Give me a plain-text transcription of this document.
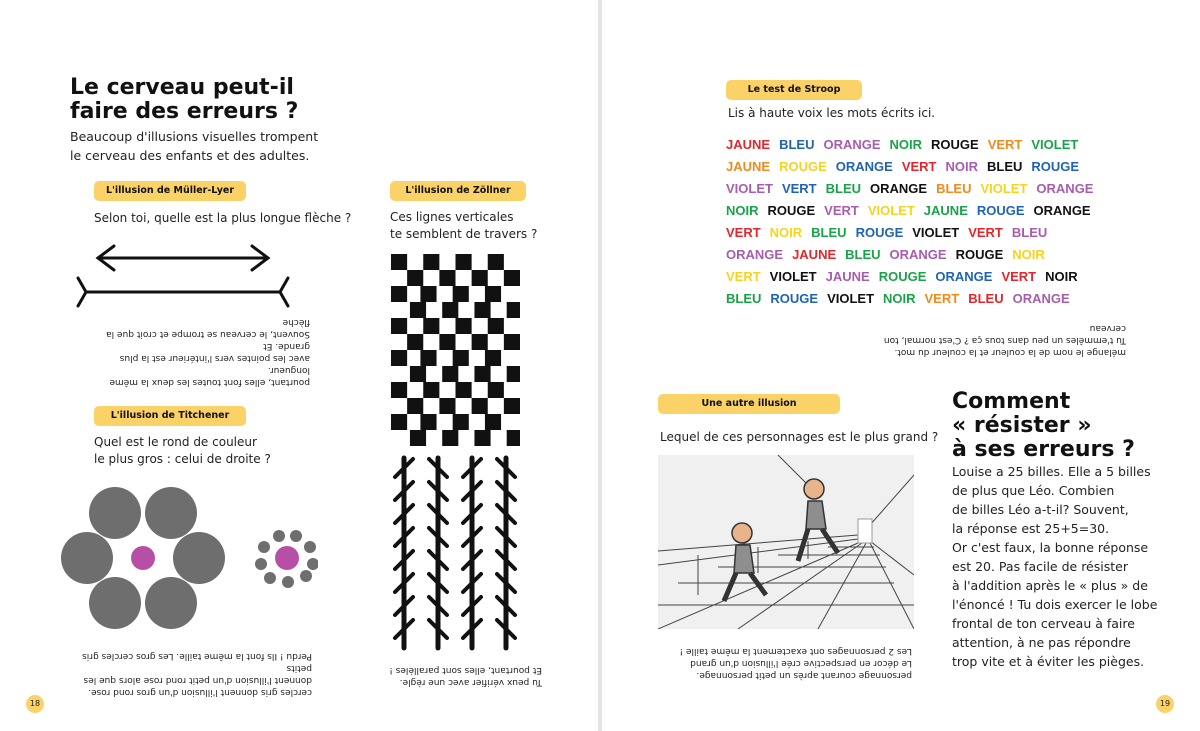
Le cerveau peut-il
faire des erreurs ?
Beaucoup d'illusions visuelles trompent
le cerveau des enfants et des adultes.
L'illusion de Müller-Lyer
Selon toi, quelle est la plus longue flèche ?
pourtant, elles font toutes les deux la même longueur.
avec les pointes vers l'intérieur est la plus grande. Et
Souvent, le cerveau se trompe et croit que la flèche
L'illusion de Titchener
Quel est le rond de couleur
le plus gros : celui de droite ?
cercles gris donnent l'illusion d'un gros rond rose.
donnent l'illusion d'un petit rond rose alors que les petits
Perdu ! Ils font la même taille. Les gros cercles gris
L'illusion de Zöllner
Ces lignes verticales
te semblent de travers ?
Tu peux vérifier avec une règle.
Et pourtant, elles sont parallèles !
18
Le test de Stroop
Lis à haute voix les mots écrits ici.
JAUNE BLEU ORANGE NOIR ROUGE VERT VIOLET
JAUNE ROUGE ORANGE VERT NOIR BLEU ROUGE
VIOLET VERT BLEU ORANGE BLEU VIOLET ORANGE
NOIR ROUGE VERT VIOLET JAUNE ROUGE ORANGE
VERT NOIR BLEU ROUGE VIOLET VERT BLEU
ORANGE JAUNE BLEU ORANGE ROUGE NOIR
VERT VIOLET JAUNE ROUGE ORANGE VERT NOIR
BLEU ROUGE VIOLET NOIR VERT BLEU ORANGE
mélange le nom de la couleur et la couleur du mot.
Tu t'emmêles un peu dans tous ça ? C'est normal, ton cerveau
Une autre illusion
Lequel de ces personnages est le plus grand ?
personnage courant après un petit personnage.
Le décor en perspective crée l'illusion d'un grand
Les 2 personnages ont exactement la même taille !
Comment
« résister »
à ses erreurs ?
Louise a 25 billes. Elle a 5 billes
de plus que Léo. Combien
de billes Léo a-t-il? Souvent,
la réponse est 25+5=30.
Or c'est faux, la bonne réponse
est 20. Pas facile de résister
à l'addition après le « plus » de
l'énoncé ! Tu dois exercer le lobe
frontal de ton cerveau à faire
attention, à ne pas répondre
trop vite et à éviter les pièges.
19
